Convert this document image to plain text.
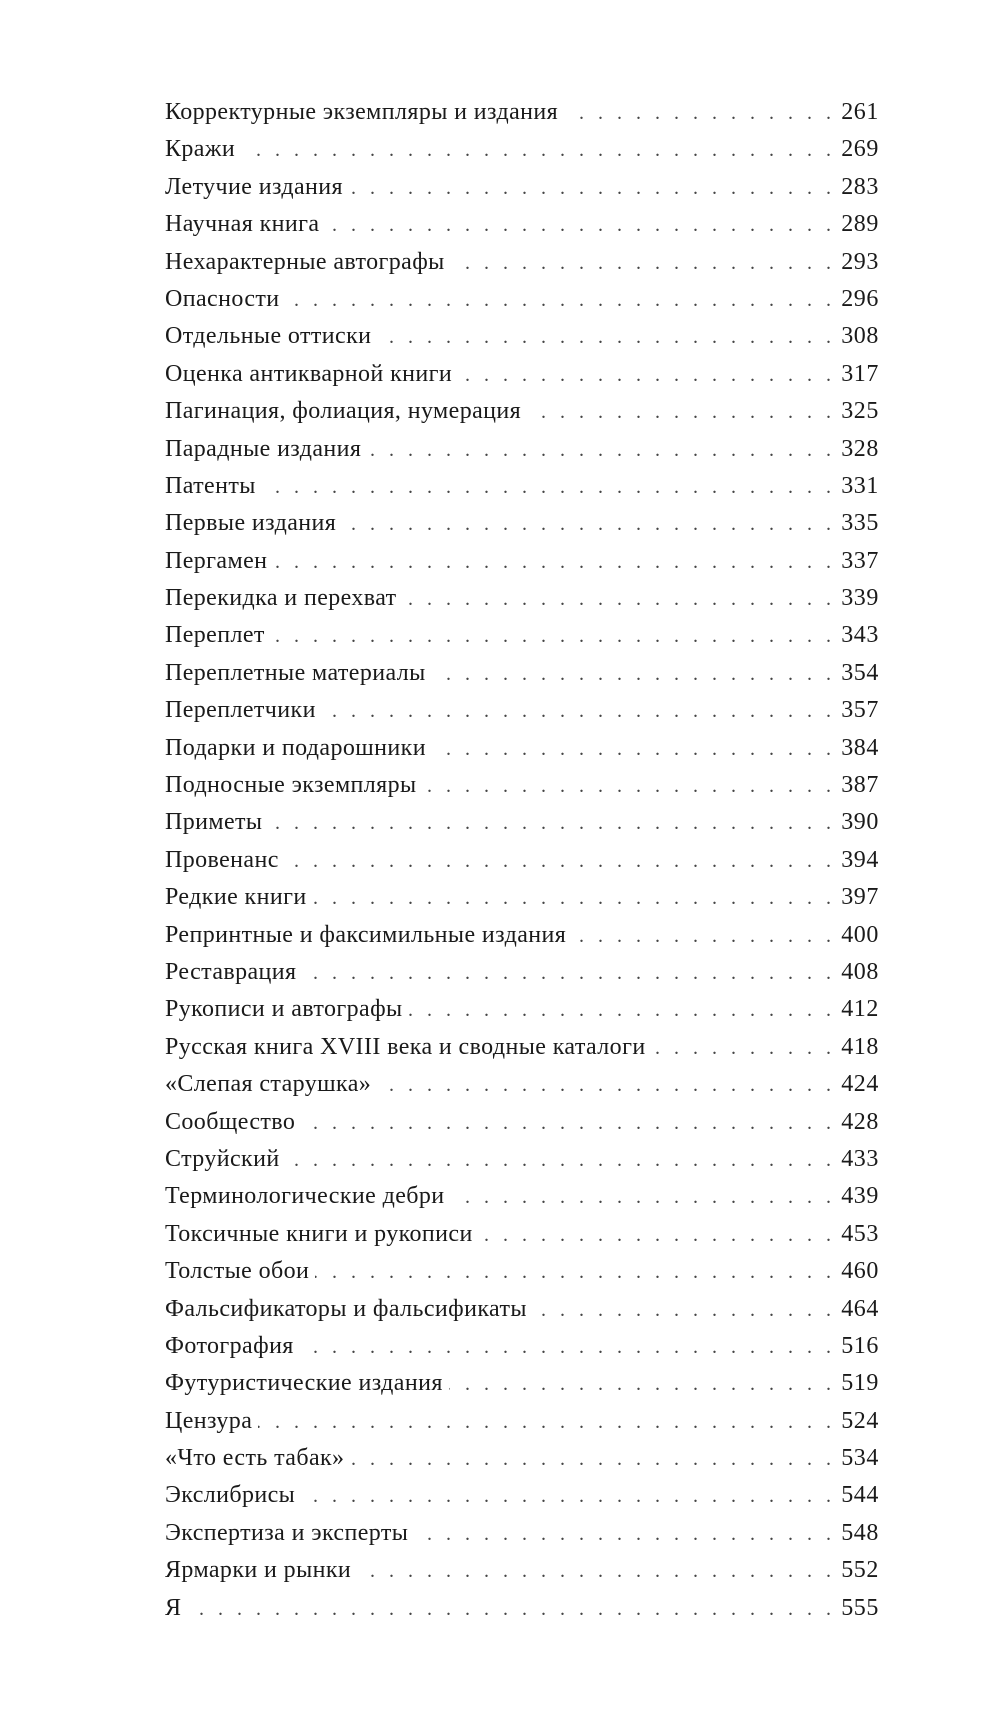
Корректурные экземпляры и издания . . .	261
Кражи . . .	269
Летучие издания . . .	283
Научная книга . . .	289
Нехарактерные автографы . . .	293
Опасности . . .	296
Отдельные оттиски . . .	308
Оценка антикварной книги . . .	317
Пагинация, фолиация, нумерация . . .	325
Парадные издания . . .	328
Патенты . . .	331
Первые издания . . .	335
Пергамен . . .	337
Перекидка и перехват . . .	339
Переплет . . .	343
Переплетные материалы . . .	354
Переплетчики . . .	357
Подарки и подарошники . . .	384
Подносные экземпляры . . .	387
Приметы . . .	390
Провенанс . . .	394
Редкие книги . . .	397
Репринтные и факсимильные издания . . .	400
Реставрация . . .	408
Рукописи и автографы . . .	412
Русская книга XVIII века и сводные каталоги . . .	418
«Слепая старушка» . . .	424
Сообщество . . .	428
Струйский . . .	433
Терминологические дебри . . .	439
Токсичные книги и рукописи . . .	453
Толстые обои . . .	460
Фальсификаторы и фальсификаты . . .	464
Фотография . . .	516
Футуристические издания . . .	519
Цензура . . .	524
«Что есть табак» . . .	534
Экслибрисы . . .	544
Экспертиза и эксперты . . .	548
Ярмарки и рынки . . .	552
Я . . .	555
